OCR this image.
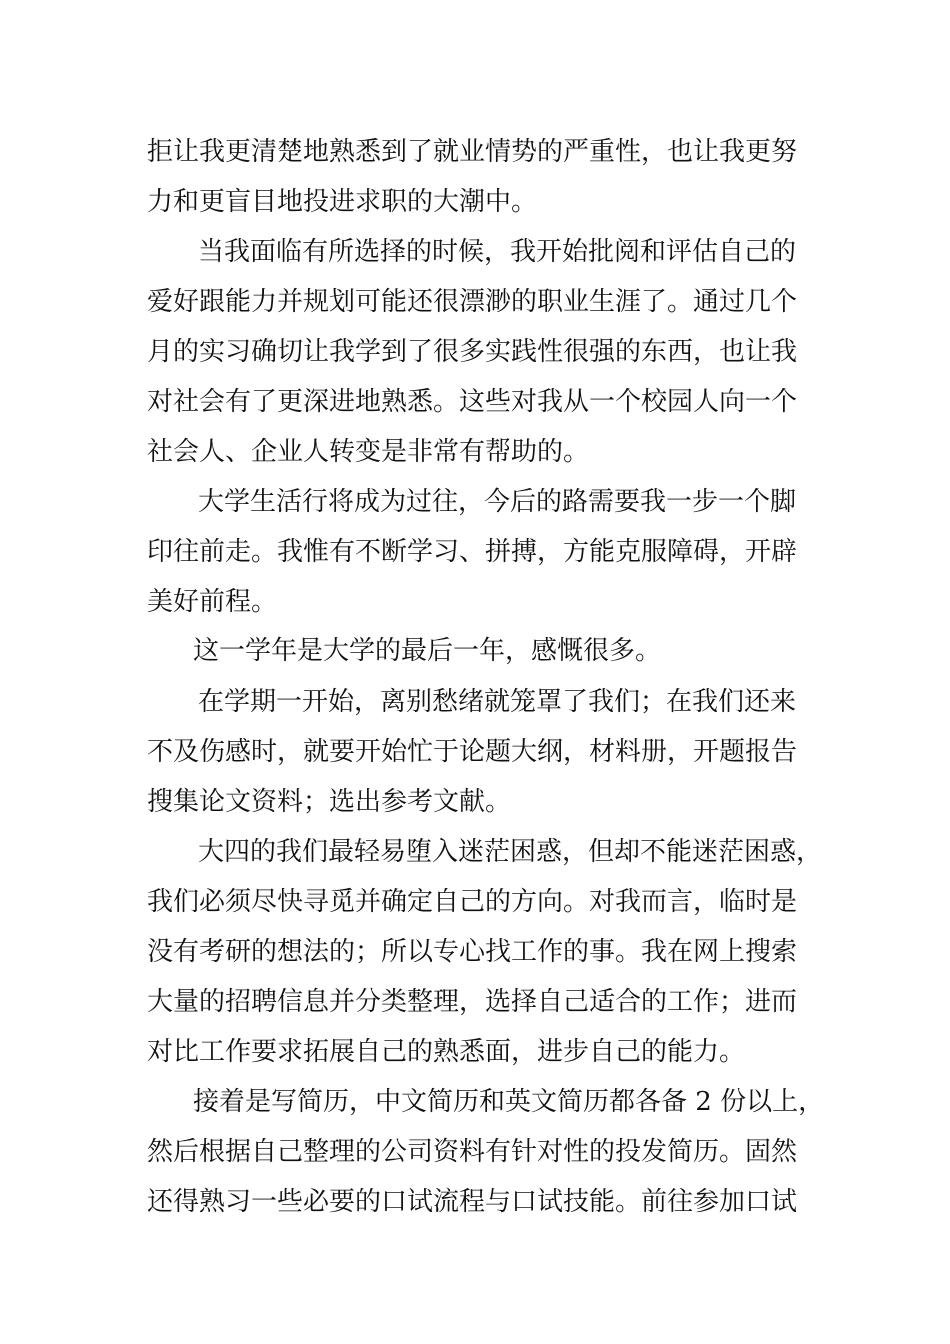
拒让我更清楚地熟悉到了就业情势的严重性，也让我更努

力和更盲目地投进求职的大潮中。

当我面临有所选择的时候，我开始批阅和评估自己的

爱好跟能力并规划可能还很漂渺的职业生涯了。通过几个

月的实习确切让我学到了很多实践性很强的东西，也让我

对社会有了更深进地熟悉。这些对我从一个校园人向一个

社会人、企业人转变是非常有帮助的。

大学生活行将成为过往，今后的路需要我一步一个脚

印往前走。我惟有不断学习、拼搏，方能克服障碍，开辟

美好前程。

这一学年是大学的最后一年，感慨很多。

在学期一开始，离别愁绪就笼罩了我们；在我们还来

不及伤感时，就要开始忙于论题大纲，材料册，开题报告

搜集论文资料；选出参考文献。

大四的我们最轻易堕入迷茫困惑，但却不能迷茫困惑，

我们必须尽快寻觅并确定自己的方向。对我而言，临时是

没有考研的想法的；所以专心找工作的事。我在网上搜索

大量的招聘信息并分类整理，选择自己适合的工作；进而

对比工作要求拓展自己的熟悉面，进步自己的能力。

接着是写简历，中文简历和英文简历都各备 2 份以上，

然后根据自己整理的公司资料有针对性的投发简历。固然

还得熟习一些必要的口试流程与口试技能。前往参加口试
